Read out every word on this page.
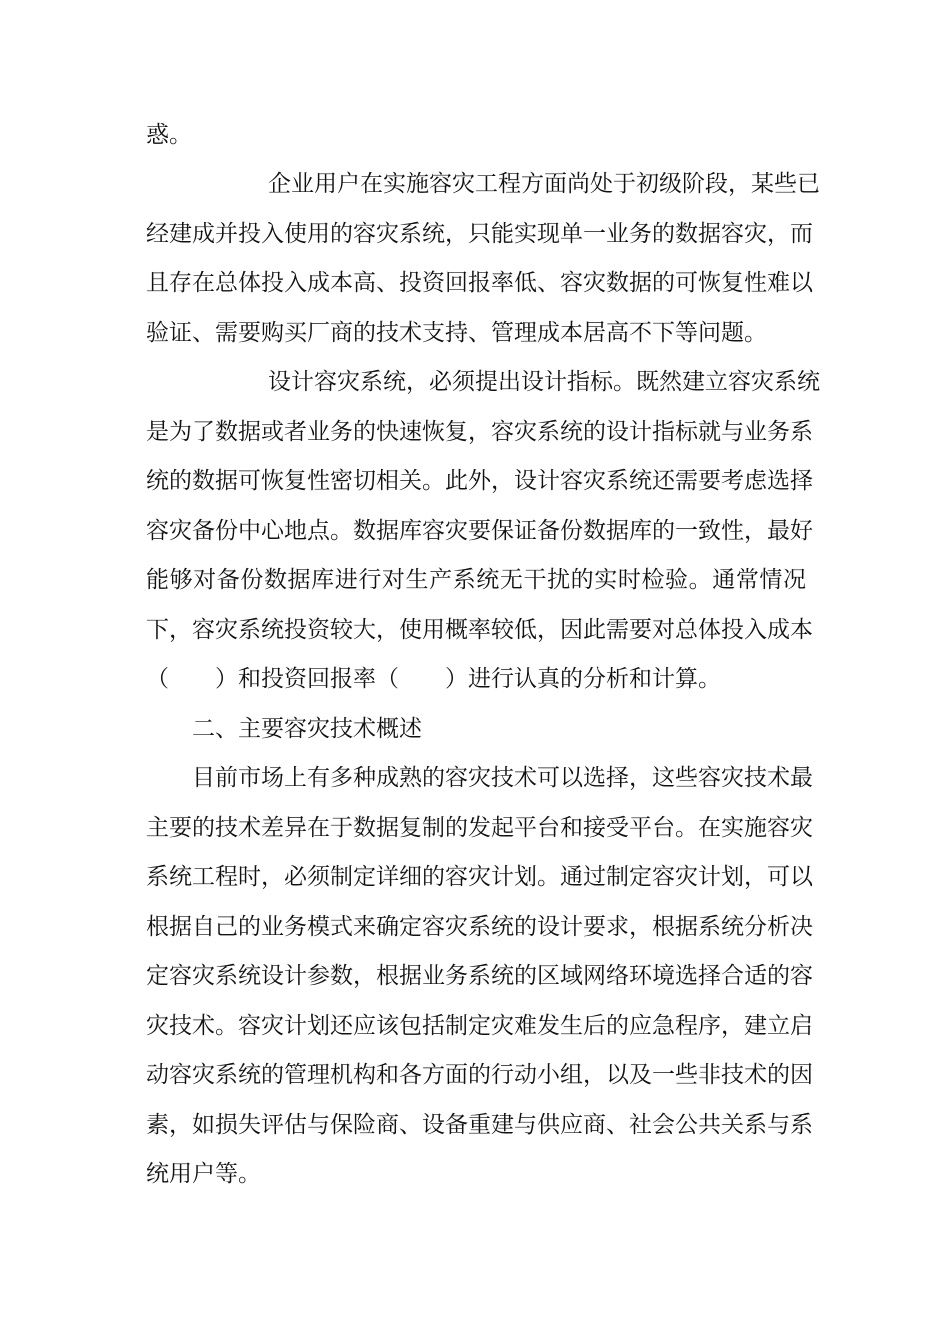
惑。
企业用户在实施容灾工程方面尚处于初级阶段，某些已
经建成并投入使用的容灾系统，只能实现单一业务的数据容灾，而
且存在总体投入成本高、投资回报率低、容灾数据的可恢复性难以
验证、需要购买厂商的技术支持、管理成本居高不下等问题。
设计容灾系统，必须提出设计指标。既然建立容灾系统
是为了数据或者业务的快速恢复，容灾系统的设计指标就与业务系
统的数据可恢复性密切相关。此外，设计容灾系统还需要考虑选择
容灾备份中心地点。数据库容灾要保证备份数据库的一致性，最好
能够对备份数据库进行对生产系统无干扰的实时检验。通常情况
下，容灾系统投资较大，使用概率较低，因此需要对总体投入成本
（　　）和投资回报率（　　）进行认真的分析和计算。
二、主要容灾技术概述
目前市场上有多种成熟的容灾技术可以选择，这些容灾技术最
主要的技术差异在于数据复制的发起平台和接受平台。在实施容灾
系统工程时，必须制定详细的容灾计划。通过制定容灾计划，可以
根据自己的业务模式来确定容灾系统的设计要求，根据系统分析决
定容灾系统设计参数，根据业务系统的区域网络环境选择合适的容
灾技术。容灾计划还应该包括制定灾难发生后的应急程序，建立启
动容灾系统的管理机构和各方面的行动小组，以及一些非技术的因
素，如损失评估与保险商、设备重建与供应商、社会公共关系与系
统用户等。
